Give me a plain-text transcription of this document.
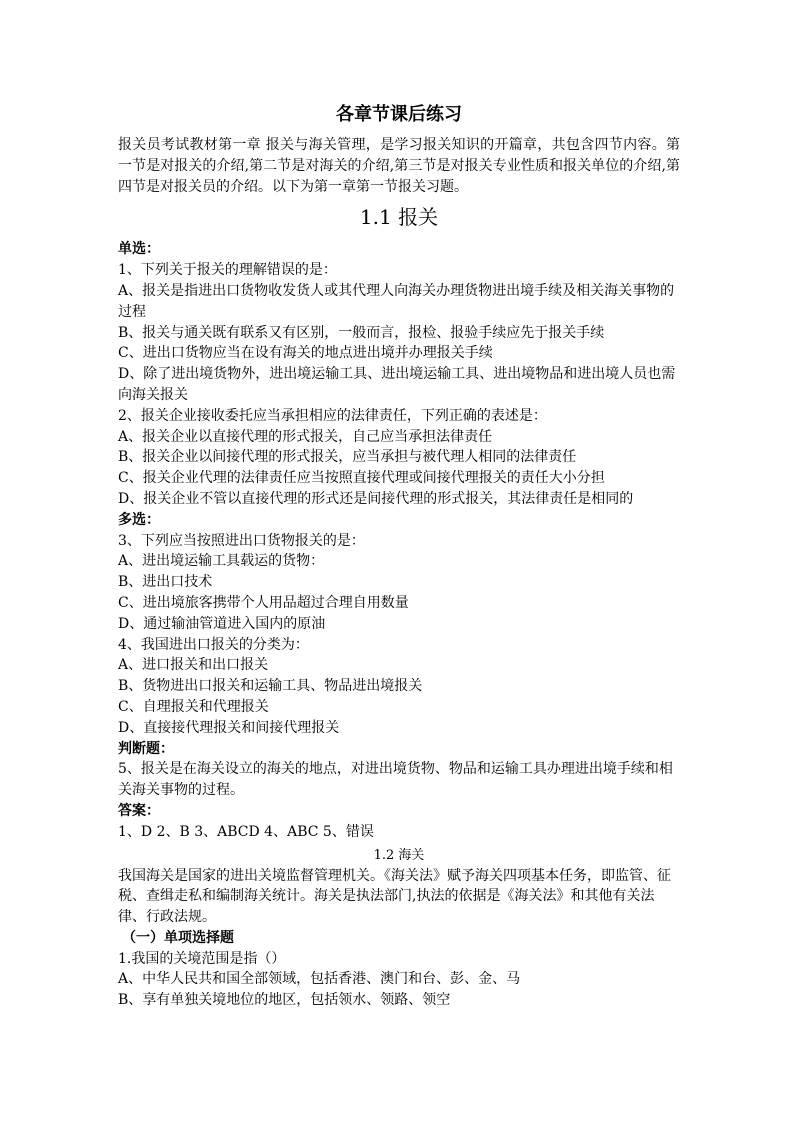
各章节课后练习

报关员考试教材第一章 报关与海关管理，是学习报关知识的开篇章，共包含四节内容。第一节是对报关的介绍,第二节是对海关的介绍,第三节是对报关专业性质和报关单位的介绍,第四节是对报关员的介绍。以下为第一章第一节报关习题。

1.1 报关

单选：

1、下列关于报关的理解错误的是：

A、报关是指进出口货物收发货人或其代理人向海关办理货物进出境手续及相关海关事物的过程

B、报关与通关既有联系又有区别，一般而言，报检、报验手续应先于报关手续

C、进出口货物应当在设有海关的地点进出境并办理报关手续

D、除了进出境货物外，进出境运输工具、进出境运输工具、进出境物品和进出境人员也需向海关报关

2、报关企业接收委托应当承担相应的法律责任，下列正确的表述是：

A、报关企业以直接代理的形式报关，自己应当承担法律责任

B、报关企业以间接代理的形式报关，应当承担与被代理人相同的法律责任

C、报关企业代理的法律责任应当按照直接代理或间接代理报关的责任大小分担

D、报关企业不管以直接代理的形式还是间接代理的形式报关，其法律责任是相同的

多选：

3、下列应当按照进出口货物报关的是：

A、进出境运输工具载运的货物：

B、进出口技术

C、进出境旅客携带个人用品超过合理自用数量

D、通过输油管道进入国内的原油

4、我国进出口报关的分类为：

A、进口报关和出口报关

B、货物进出口报关和运输工具、物品进出境报关

C、自理报关和代理报关

D、直接接代理报关和间接代理报关

判断题：

5、报关是在海关设立的海关的地点，对进出境货物、物品和运输工具办理进出境手续和相关海关事物的过程。

答案：

1、D 2、B 3、ABCD 4、ABC 5、错误

1.2 海关

我国海关是国家的进出关境监督管理机关。《海关法》赋予海关四项基本任务，即监管、征税、查缉走私和编制海关统计。海关是执法部门,执法的依据是《海关法》和其他有关法律、行政法规。

（一）单项选择题

1.我国的关境范围是指（）

A、中华人民共和国全部领域，包括香港、澳门和台、彭、金、马

B、享有单独关境地位的地区，包括领水、领路、领空
